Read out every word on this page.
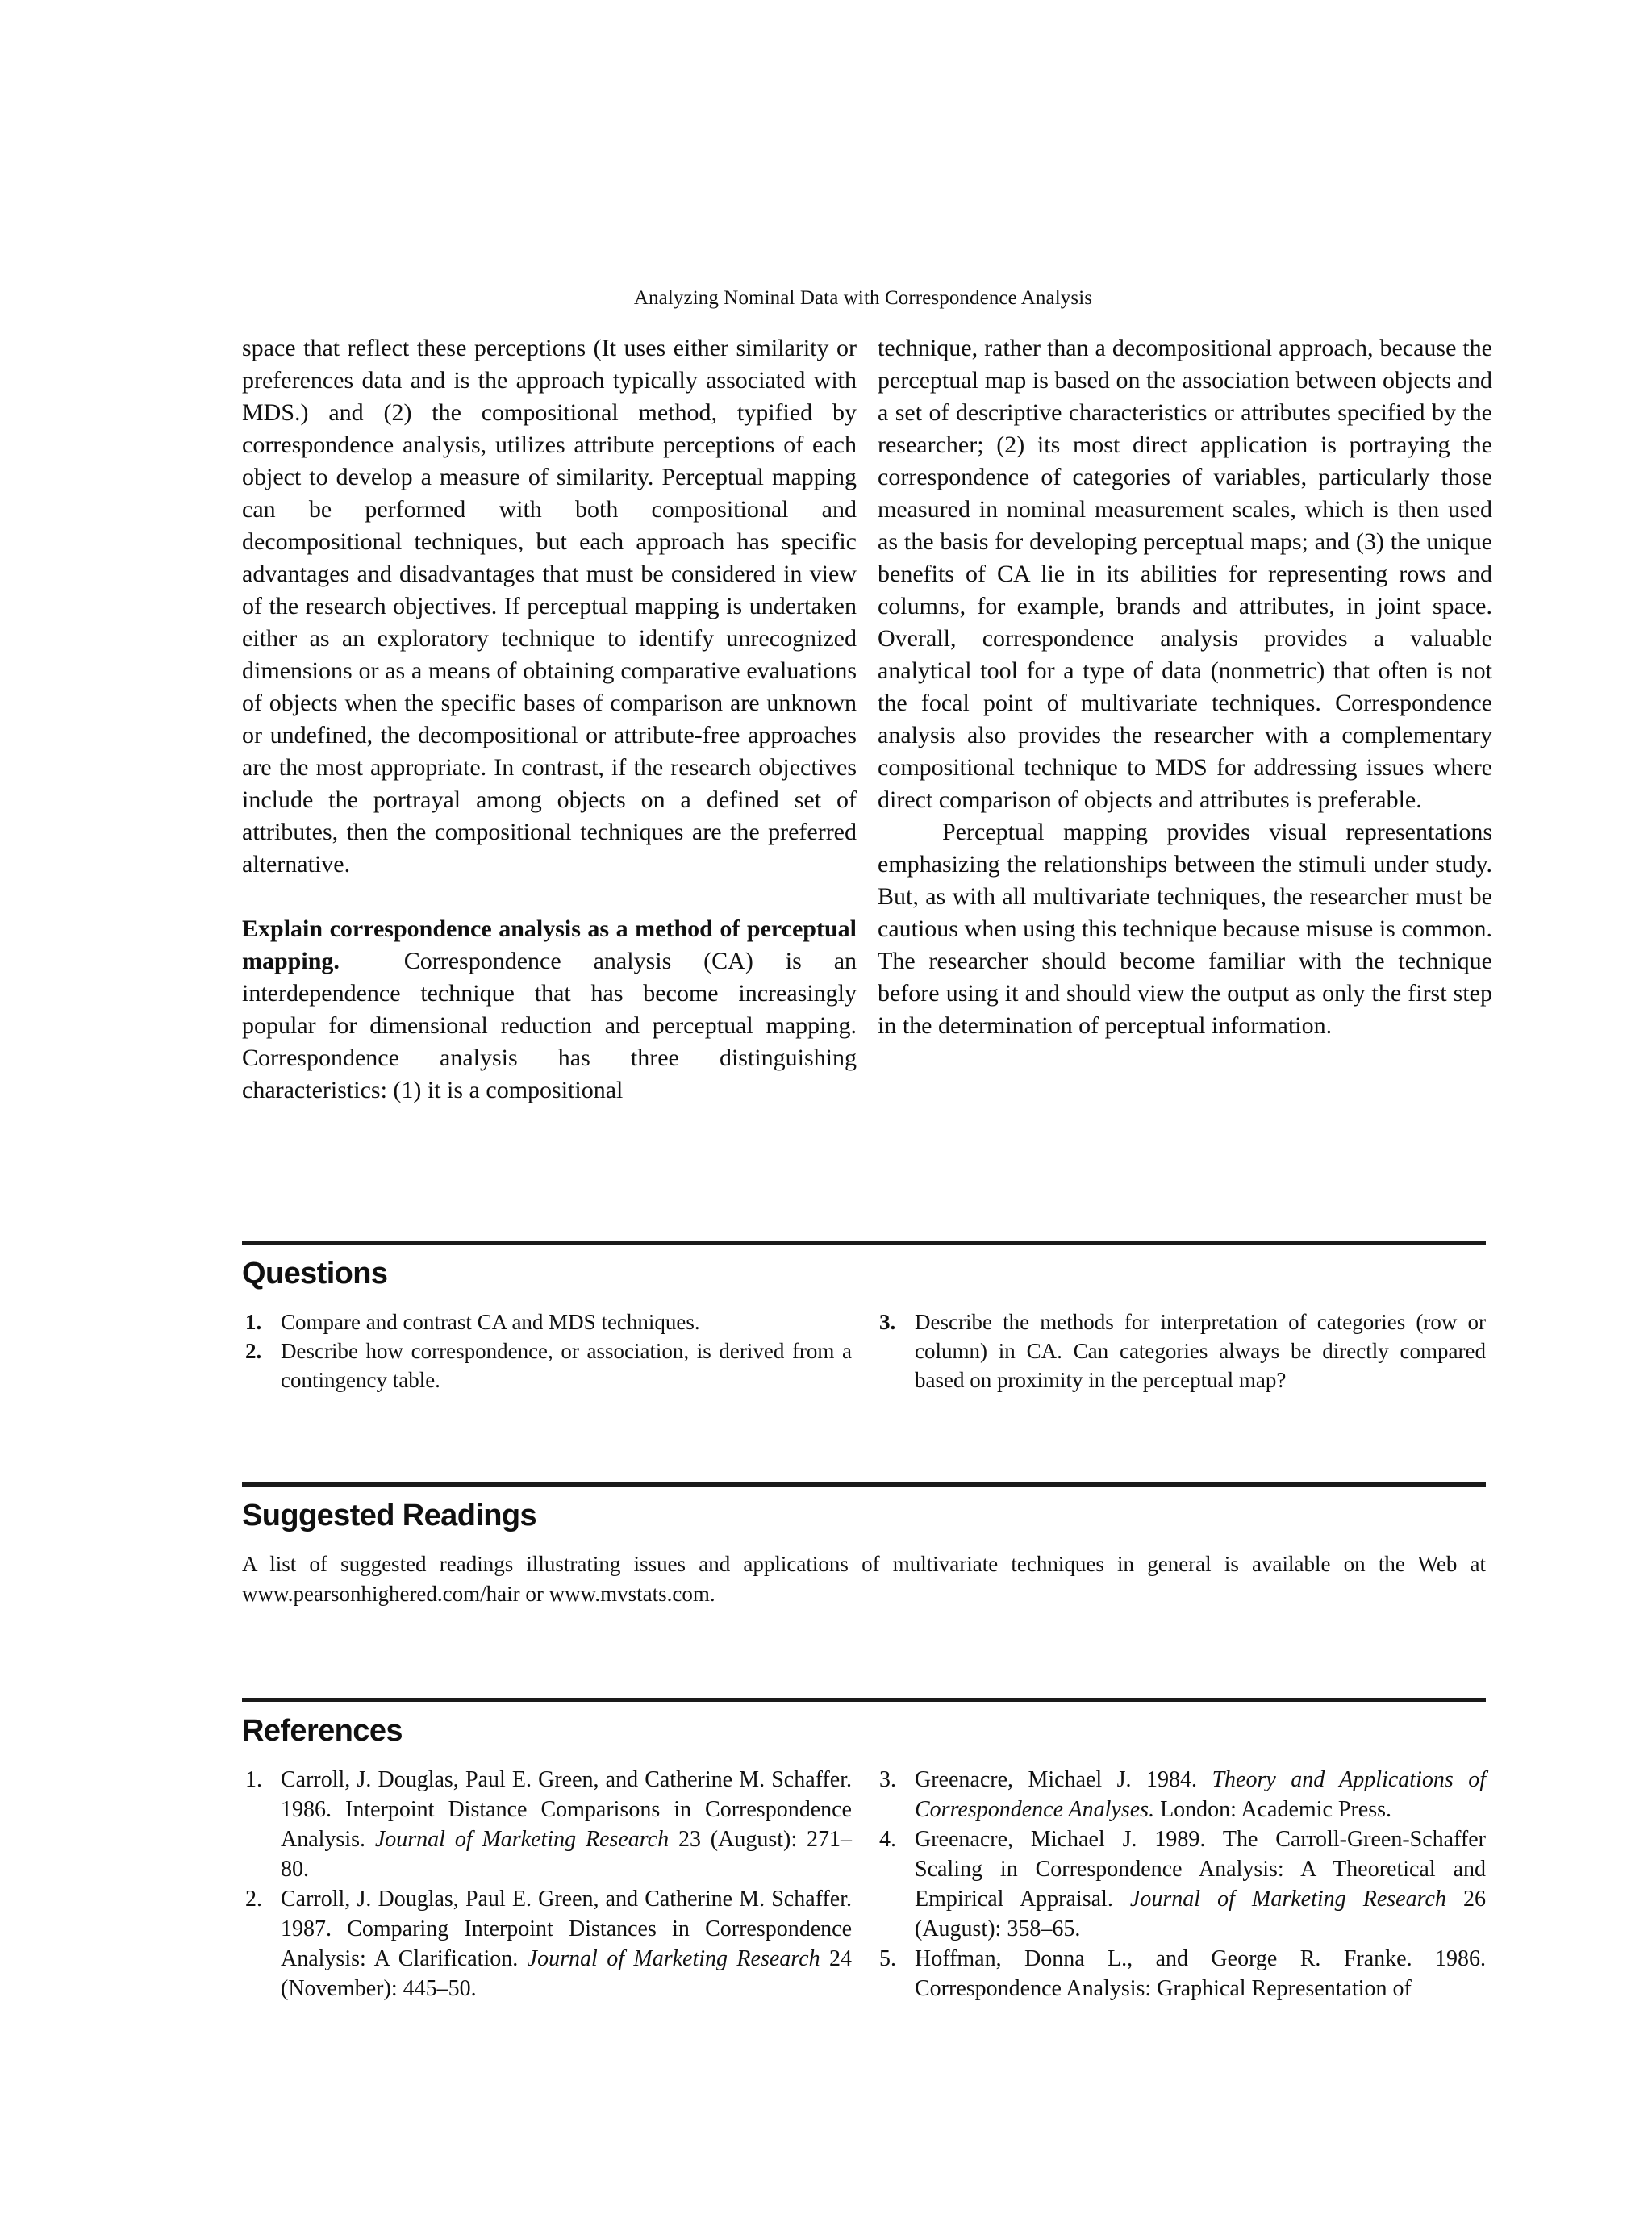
Analyzing Nominal Data with Correspondence Analysis

space that reflect these perceptions (It uses either similarity or preferences data and is the approach typically associated with MDS.) and (2) the compositional method, typified by correspondence analysis, utilizes attribute perceptions of each object to develop a measure of similarity. Perceptual mapping can be performed with both compositional and decompositional techniques, but each approach has specific advantages and disadvantages that must be considered in view of the research objectives. If perceptual mapping is undertaken either as an exploratory technique to identify unrecognized dimensions or as a means of obtaining comparative evaluations of objects when the specific bases of comparison are unknown or undefined, the decompositional or attribute-free approaches are the most appropriate. In contrast, if the research objectives include the portrayal among objects on a defined set of attributes, then the compositional techniques are the preferred alternative.

Explain correspondence analysis as a method of perceptual mapping.	Correspondence analysis (CA) is an interdependence technique that has become increasingly popular for dimensional reduction and perceptual mapping. Correspondence analysis has three distinguishing characteristics: (1) it is a compositional

technique, rather than a decompositional approach, because the perceptual map is based on the association between objects and a set of descriptive characteristics or attributes specified by the researcher; (2) its most direct application is portraying the correspondence of categories of variables, particularly those measured in nominal measurement scales, which is then used as the basis for developing perceptual maps; and (3) the unique benefits of CA lie in its abilities for representing rows and columns, for example, brands and attributes, in joint space. Overall, correspondence analysis provides a valuable analytical tool for a type of data (nonmetric) that often is not the focal point of multivariate techniques. Correspondence analysis also provides the researcher with a complementary compositional technique to MDS for addressing issues where direct comparison of objects and attributes is preferable.

Perceptual mapping provides visual representations emphasizing the relationships between the stimuli under study. But, as with all multivariate techniques, the researcher must be cautious when using this technique because misuse is common. The researcher should become familiar with the technique before using it and should view the output as only the first step in the determination of perceptual information.

Questions
1. Compare and contrast CA and MDS techniques.
2. Describe how correspondence, or association, is derived from a contingency table.
3. Describe the methods for interpretation of categories (row or column) in CA. Can categories always be directly compared based on proximity in the perceptual map?
Suggested Readings

A list of suggested readings illustrating issues and applications of multivariate techniques in general is available on the Web at www.pearsonhighered.com/hair or www.mvstats.com.

References
1. Carroll, J. Douglas, Paul E. Green, and Catherine M. Schaffer. 1986. Interpoint Distance Comparisons in Correspondence Analysis. Journal of Marketing Research 23 (August): 271–80.
2. Carroll, J. Douglas, Paul E. Green, and Catherine M. Schaffer. 1987. Comparing Interpoint Distances in Correspondence Analysis: A Clarification. Journal of Marketing Research 24 (November): 445–50.
3. Greenacre, Michael J. 1984. Theory and Applications of Correspondence Analyses. London: Academic Press.
4. Greenacre, Michael J. 1989. The Carroll-Green-Schaffer Scaling in Correspondence Analysis: A Theoretical and Empirical Appraisal. Journal of Marketing Research 26 (August): 358–65.
5. Hoffman, Donna L., and George R. Franke. 1986. Correspondence Analysis: Graphical Representation of
